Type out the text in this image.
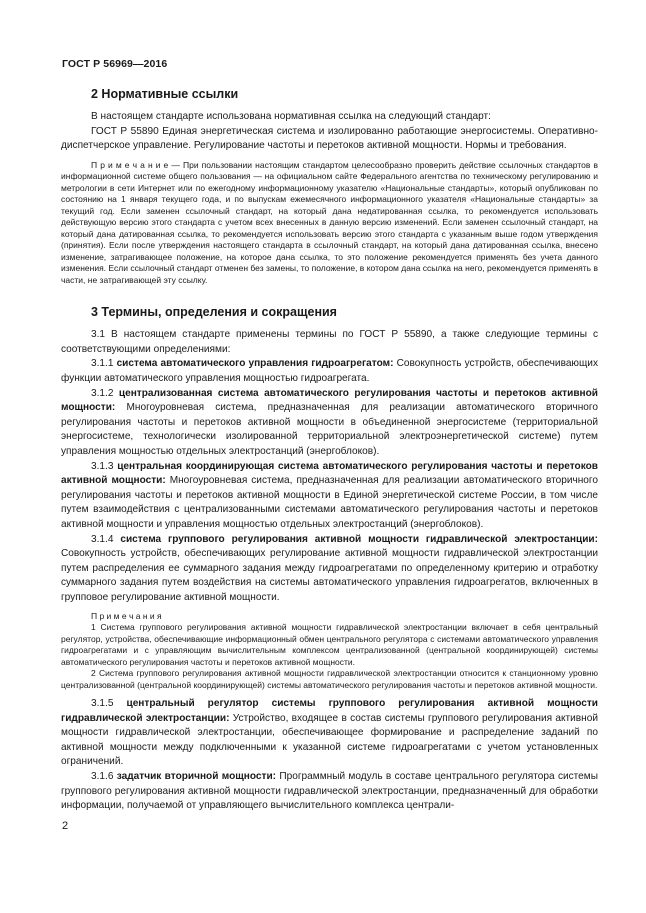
ГОСТ Р 56969—2016
2 Нормативные ссылки

В настоящем стандарте использована нормативная ссылка на следующий стандарт:

ГОСТ Р 55890 Единая энергетическая система и изолированно работающие энергосистемы. Оперативно-диспетчерское управление. Регулирование частоты и перетоков активной мощности. Нормы и требования.

П р и м е ч а н и е — При пользовании настоящим стандартом целесообразно проверить действие ссылочных стандартов в информационной системе общего пользования — на официальном сайте Федерального агентства по техническому регулированию и метрологии в сети Интернет или по ежегодному информационному указателю «Национальные стандарты», который опубликован по состоянию на 1 января текущего года, и по выпускам ежемесячного информационного указателя «Национальные стандарты» за текущий год. Если заменен ссылочный стандарт, на который дана недатированная ссылка, то рекомендуется использовать действующую версию этого стандарта с учетом всех внесенных в данную версию изменений. Если заменен ссылочный стандарт, на который дана датированная ссылка, то рекомендуется использовать версию этого стандарта с указанным выше годом утверждения (принятия). Если после утверждения настоящего стандарта в ссылочный стандарт, на который дана датированная ссылка, внесено изменение, затрагивающее положение, на которое дана ссылка, то это положение рекомендуется применять без учета данного изменения. Если ссылочный стандарт отменен без замены, то положение, в котором дана ссылка на него, рекомендуется применять в части, не затрагивающей эту ссылку.

3 Термины, определения и сокращения

3.1 В настоящем стандарте применены термины по ГОСТ Р 55890, а также следующие термины с соответствующими определениями:

3.1.1 система автоматического управления гидроагрегатом: Совокупность устройств, обеспечивающих функции автоматического управления мощностью гидроагрегата.

3.1.2 централизованная система автоматического регулирования частоты и перетоков активной мощности: Многоуровневая система, предназначенная для реализации автоматического вторичного регулирования частоты и перетоков активной мощности в объединенной энергосистеме (территориальной энергосистеме, технологически изолированной территориальной электроэнергетической системе) путем управления мощностью отдельных электростанций (энергоблоков).

3.1.3 центральная координирующая система автоматического регулирования частоты и перетоков активной мощности: Многоуровневая система, предназначенная для реализации автоматического вторичного регулирования частоты и перетоков активной мощности в Единой энергетической системе России, в том числе путем взаимодействия с централизованными системами автоматического регулирования частоты и перетоков активной мощности и управления мощностью отдельных электростанций (энергоблоков).

3.1.4 система группового регулирования активной мощности гидравлической электростанции: Совокупность устройств, обеспечивающих регулирование активной мощности гидравлической электростанции путем распределения ее суммарного задания между гидроагрегатами по определенному критерию и отработку суммарного задания путем воздействия на системы автоматического управления гидроагрегатов, включенных в групповое регулирование активной мощности.

П р и м е ч а н и я

1 Система группового регулирования активной мощности гидравлической электростанции включает в себя центральный регулятор, устройства, обеспечивающие информационный обмен центрального регулятора с системами автоматического управления гидроагрегатами и с управляющим вычислительным комплексом централизованной (центральной координирующей) системы автоматического регулирования частоты и перетоков активной мощности.

2 Система группового регулирования активной мощности гидравлической электростанции относится к станционному уровню централизованной (центральной координирующей) системы автоматического регулирования частоты и перетоков активной мощности.

3.1.5 центральный регулятор системы группового регулирования активной мощности гидравлической электростанции: Устройство, входящее в состав системы группового регулирования активной мощности гидравлической электростанции, обеспечивающее формирование и распределение заданий по активной мощности между подключенными к указанной системе гидроагрегатами с учетом установленных ограничений.

3.1.6 задатчик вторичной мощности: Программный модуль в составе центрального регулятора системы группового регулирования активной мощности гидравлической электростанции, предназначенный для обработки информации, получаемой от управляющего вычислительного комплекса централи-

2
